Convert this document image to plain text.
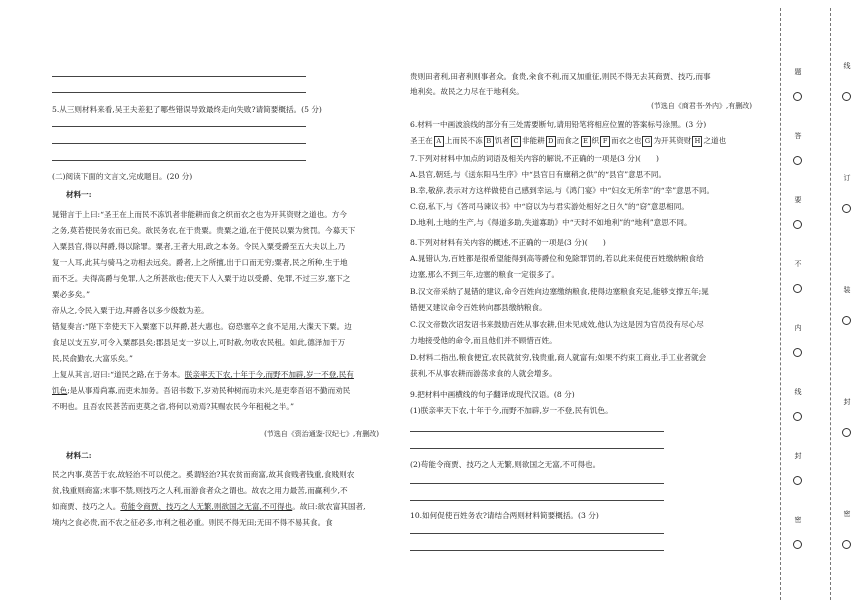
5.从三则材料来看,吴王夫差犯了哪些错误导致最终走向失败?请简要概括。(5 分)
(二)阅读下面的文言文,完成题目。(20 分)
材料一:
晁错言于上曰:“圣王在上而民不冻饥者非能耕而食之织而衣之也为开其资财之道也。方今
之务,莫若使民务农而已矣。欲民务农,在于贵粟。贵粟之道,在于使民以粟为赏罚。今募天下
入粟县官,得以拜爵,得以除罪。粟者,王者大用,政之本务。令民入粟受爵至五大夫以上,乃
复一人耳,此其与骑马之功相去远矣。爵者,上之所擅,出于口而无穷;粟者,民之所种,生于地
而不乏。夫得高爵与免罪,人之所甚欲也;使天下人入粟于边以受爵、免罪,不过三岁,塞下之
粟必多矣。”
帝从之,令民入粟于边,拜爵各以多少级数为差。
错复奏言:“陛下幸使天下入粟塞下以拜爵,甚大惠也。窃恐塞卒之食不足用,大渫天下粟。边
食足以支五岁,可令入粟郡县矣;郡县足支一岁以上,可时赦,勿收农民租。如此,德泽加于万
民,民俞勤农,大富乐矣。”
上复从其言,诏曰:“道民之路,在于务本。朕亲率天下农,十年于今,而野不加辟,岁一不登,民有
饥色;是从事焉尚寡,而吏未加务。吾诏书数下,岁劝民种树而功未兴,是吏奉吾诏不勤而劝民
不明也。且吾农民甚苦而吏莫之省,将何以劝焉?其赐农民今年租税之半。”
(节选自《资治通鉴·汉纪七》,有删改)
材料二:
民之内事,莫苦于农,故轻治不可以使之。奚谓轻治?其农贫而商富,故其食贱者钱重,食贱则农
贫,钱重则商富;末事不禁,则技巧之人利,而游食者众之谓也。故农之用力最苦,而赢利少,不
如商贾、技巧之人。苟能令商贾、技巧之人无繁,则欲国之无富,不可得也。故曰:欲农富其国者,
境内之食必贵,而不农之征必多,市利之租必重。则民不得无田;无田不得不易其食。食
贵则田者利,田者利则事者众。食贵,籴食不利,而又加重征,则民不得无去其商贾、技巧,而事
地利矣。故民之力尽在于地利矣。
(节选自《商君书·外内》,有删改)
6.材料一中画波浪线的部分有三处需要断句,请用铅笔将相应位置的答案标号涂黑。(3 分)
圣王在 A 上而民不冻 B 饥者 C 非能耕 D 而食之 E 织 F 而衣之也 G 为开其资财 H 之道也
7.下列对材料中加点的词语及相关内容的解说,不正确的一项是(3 分)(　　)
A.县官,朝廷,与《送东阳马生序》中“县官日有廪稍之供”的“县官”意思不同。
B.幸,敬辞,表示对方这样做使自己感到幸运,与《鸿门宴》中“妇女无所幸”的“幸”意思不同。
C.窃,私下,与《答司马谏议书》中“窃以为与君实游处相好之日久”的“窃”意思相同。
D.地利,土地的生产,与《得道多助,失道寡助》中“天时不如地利”的“地利”意思不同。
8.下列对材料有关内容的概述,不正确的一项是(3 分)(　　)
A.晁错认为,百姓都是很希望能得到高等爵位和免除罪罚的,若以此来促使百姓缴纳粮食给
边塞,那么不到三年,边塞的粮食一定很多了。
B.汉文帝采纳了晁错的建议,命令百姓向边塞缴纳粮食,使得边塞粮食充足,能够支撑五年;晁
错便又建议命令百姓转向郡县缴纳粮食。
C.汉文帝数次诏发诏书来鼓励百姓从事农耕,但未见成效,他认为这是因为官员没有尽心尽
力地接受他的命令,而且他们并不顾惜百姓。
D.材料二指出,粮食便宜,农民就贫穷,钱贵重,商人就富有;如果不约束工商业,手工业者就会
获利,不从事农耕而游荡求食的人就会增多。
9.把材料中画横线的句子翻译成现代汉语。(8 分)
(1)朕亲率天下农,十年于今,而野不加辟,岁一不登,民有饥色。
(2)苟能令商贾、技巧之人无繁,则欲国之无富,不可得也。
10.如何促使百姓务农?请结合两则材料简要概括。(3 分)
题
答
要
不
内
线
封
密
线
订
装
封
密
